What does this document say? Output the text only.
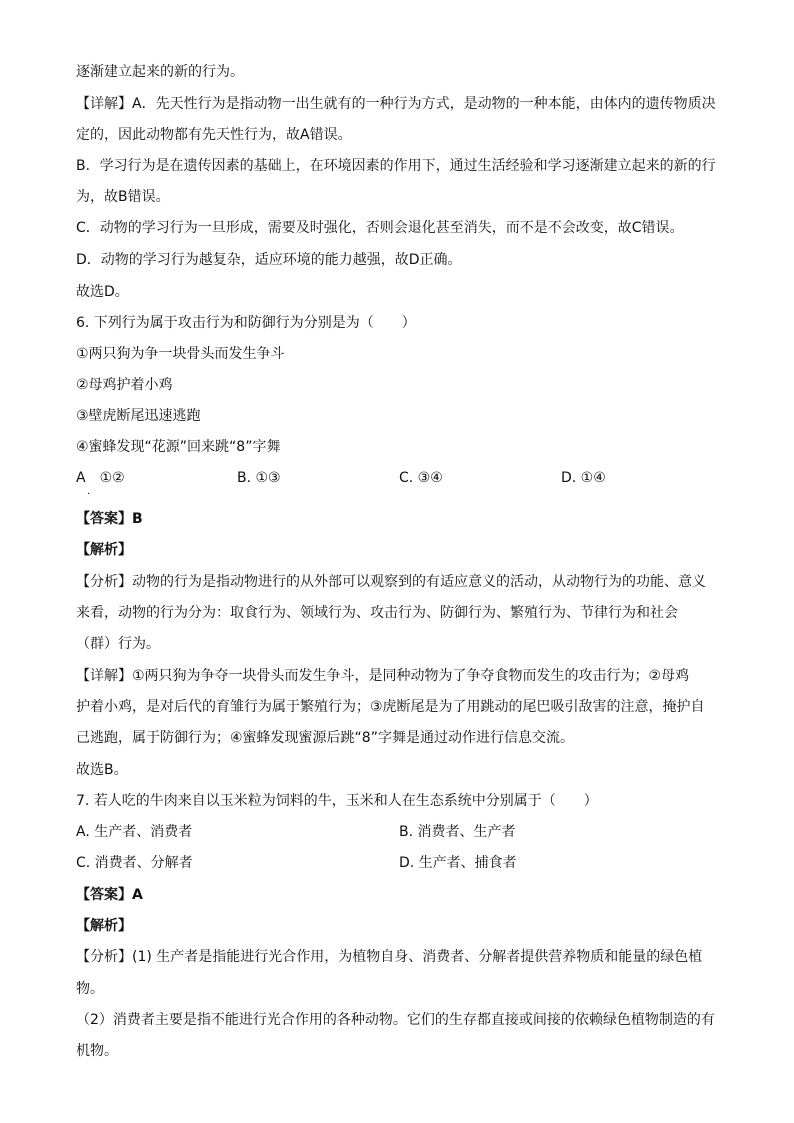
逐渐建立起来的新的行为。
【详解】A．先天性行为是指动物一出生就有的一种行为方式，是动物的一种本能，由体内的遗传物质决
定的，因此动物都有先天性行为，故A错误。
B．学习行为是在遗传因素的基础上，在环境因素的作用下，通过生活经验和学习逐渐建立起来的新的行
为，故B错误。
C．动物的学习行为一旦形成，需要及时强化，否则会退化甚至消失，而不是不会改变，故C错误。
D．动物的学习行为越复杂，适应环境的能力越强，故D正确。
故选D。
6. 下列行为属于攻击行为和防御行为分别是为（　　）
①两只狗为争一块骨头而发生争斗
②母鸡护着小鸡
③壁虎断尾迅速逃跑
④蜜蜂发现“花源”回来跳“8”字舞
A　①②	B. ①③	C. ③④	D. ①④
·
【答案】B
【解析】
【分析】动物的行为是指动物进行的从外部可以观察到的有适应意义的活动，从动物行为的功能、意义
来看，动物的行为分为：取食行为、领域行为、攻击行为、防御行为、繁殖行为、节律行为和社会
（群）行为。
【详解】①两只狗为争夺一块骨头而发生争斗，是同种动物为了争夺食物而发生的攻击行为；②母鸡
护着小鸡，是对后代的育雏行为属于繁殖行为；③虎断尾是为了用跳动的尾巴吸引敌害的注意，掩护自
己逃跑，属于防御行为；④蜜蜂发现蜜源后跳“8”字舞是通过动作进行信息交流。
故选B。
7. 若人吃的牛肉来自以玉米粒为饲料的牛，玉米和人在生态系统中分别属于（　　）
A. 生产者、消费者	B. 消费者、生产者
C. 消费者、分解者	D. 生产者、捕食者
【答案】A
【解析】
【分析】(1) 生产者是指能进行光合作用，为植物自身、消费者、分解者提供营养物质和能量的绿色植
物。
（2）消费者主要是指不能进行光合作用的各种动物。它们的生存都直接或间接的依赖绿色植物制造的有
机物。
